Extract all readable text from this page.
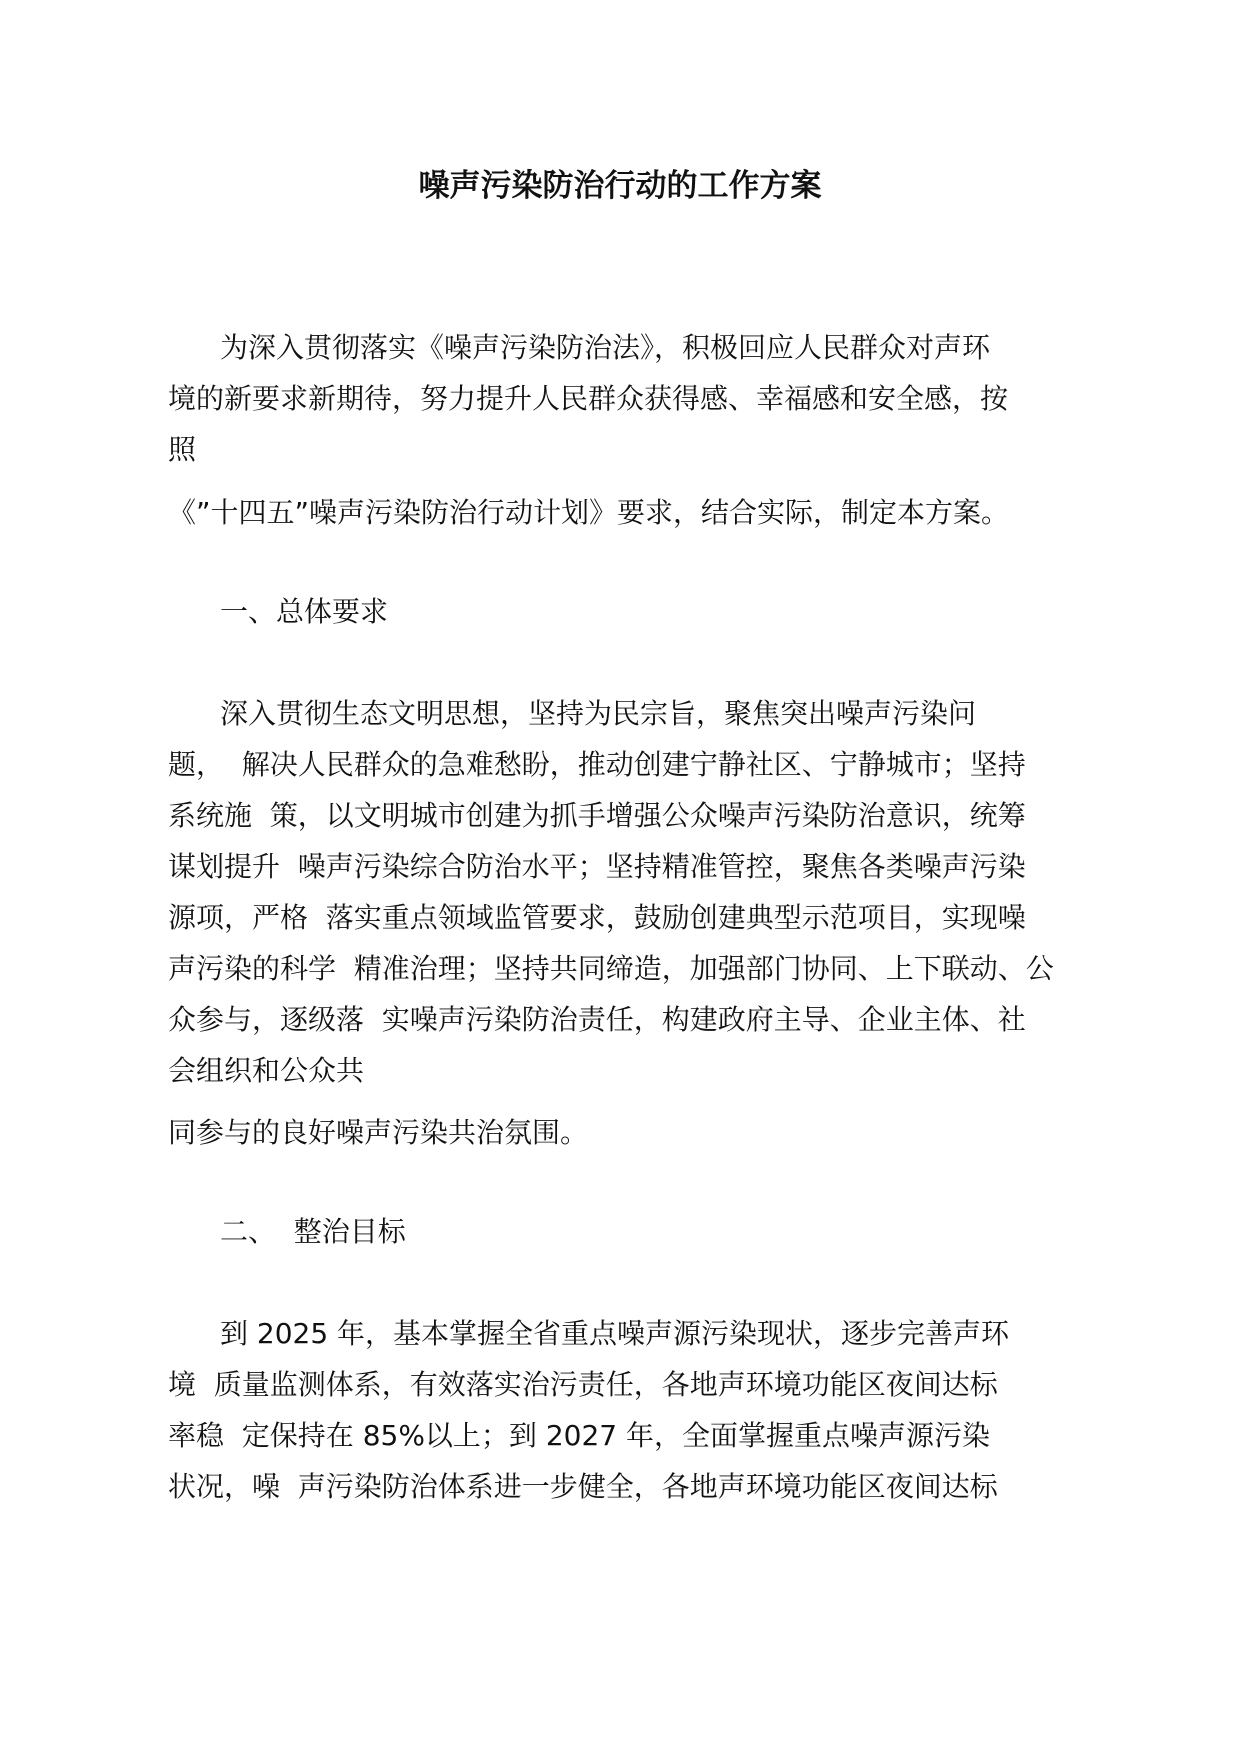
噪声污染防治行动的工作方案
为深入贯彻落实《噪声污染防治法》，积极回应人民群众对声环
境的新要求新期待，努力提升人民群众获得感、幸福感和安全感，按
照
《”十四五”噪声污染防治行动计划》要求，结合实际，制定本方案。
一、总体要求
深入贯彻生态文明思想，坚持为民宗旨，聚焦突出噪声污染问
题，  解决人民群众的急难愁盼，推动创建宁静社区、宁静城市；坚持
系统施  策，以文明城市创建为抓手增强公众噪声污染防治意识，统筹
谋划提升  噪声污染综合防治水平；坚持精准管控，聚焦各类噪声污染
源项，严格  落实重点领域监管要求，鼓励创建典型示范项目，实现噪
声污染的科学  精准治理；坚持共同缔造，加强部门协同、上下联动、公
众参与，逐级落  实噪声污染防治责任，构建政府主导、企业主体、社
会组织和公众共
同参与的良好噪声污染共治氛围。
二、  整治目标
到 2025 年，基本掌握全省重点噪声源污染现状，逐步完善声环
境  质量监测体系，有效落实治污责任，各地声环境功能区夜间达标
率稳  定保持在 85%以上；到 2027 年，全面掌握重点噪声源污染
状况，噪  声污染防治体系进一步健全，各地声环境功能区夜间达标
